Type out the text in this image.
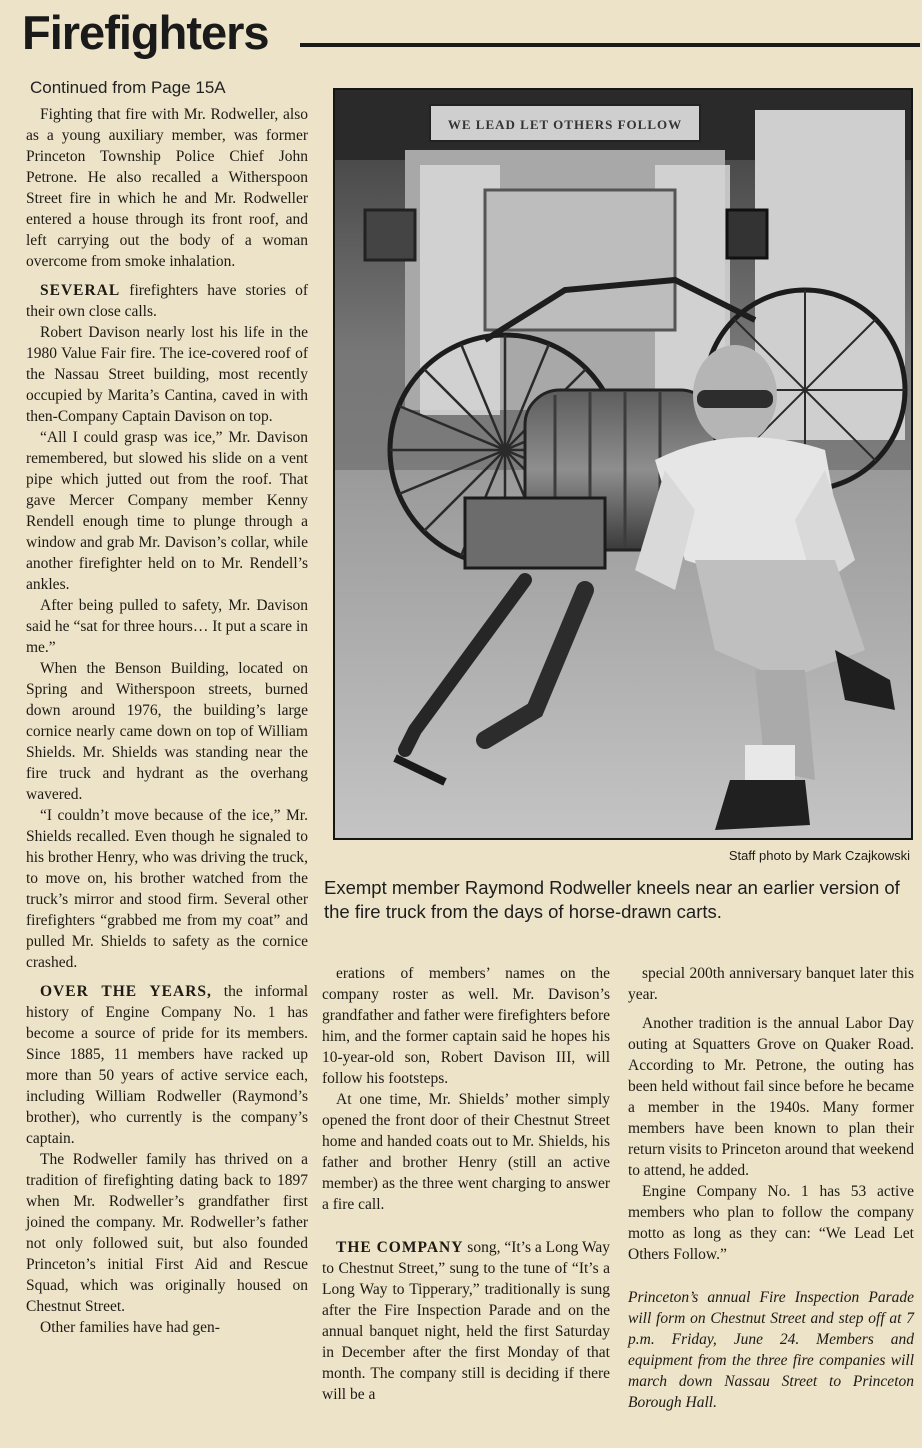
Firefighters
Continued from Page 15A

Fighting that fire with Mr. Rodweller, also as a young auxiliary member, was former Princeton Township Police Chief John Petrone. He also recalled a Witherspoon Street fire in which he and Mr. Rodweller entered a house through its front roof, and left carrying out the body of a woman overcome from smoke inhalation.

SEVERAL firefighters have stories of their own close calls.

Robert Davison nearly lost his life in the 1980 Value Fair fire. The ice-covered roof of the Nassau Street building, most recently occupied by Marita’s Cantina, caved in with then-Company Captain Davison on top.

“All I could grasp was ice,” Mr. Davison remembered, but slowed his slide on a vent pipe which jutted out from the roof. That gave Mercer Company member Kenny Rendell enough time to plunge through a window and grab Mr. Davison’s collar, while another firefighter held on to Mr. Rendell’s ankles.

After being pulled to safety, Mr. Davison said he “sat for three hours… It put a scare in me.”

When the Benson Building, located on Spring and Witherspoon streets, burned down around 1976, the building’s large cornice nearly came down on top of William Shields. Mr. Shields was standing near the fire truck and hydrant as the overhang wavered.

“I couldn’t move because of the ice,” Mr. Shields recalled. Even though he signaled to his brother Henry, who was driving the truck, to move on, his brother watched from the truck’s mirror and stood firm. Several other firefighters “grabbed me from my coat” and pulled Mr. Shields to safety as the cornice crashed.

OVER THE YEARS, the informal history of Engine Company No. 1 has become a source of pride for its members. Since 1885, 11 members have racked up more than 50 years of active service each, including William Rodweller (Raymond’s brother), who currently is the company’s captain.

The Rodweller family has thrived on a tradition of firefighting dating back to 1897 when Mr. Rodweller’s grandfather first joined the company. Mr. Rodweller’s father not only followed suit, but also founded Princeton’s initial First Aid and Rescue Squad, which was originally housed on Chestnut Street.

Other families have had gen-

WE LEAD LET OTHERS FOLLOW
Staff photo by Mark Czajkowski
Exempt member Raymond Rodweller kneels near an earlier version of the fire truck from the days of horse-drawn carts.

erations of members’ names on the company roster as well. Mr. Davison’s grandfather and father were firefighters before him, and the former captain said he hopes his 10-year-old son, Robert Davison III, will follow his footsteps.

At one time, Mr. Shields’ mother simply opened the front door of their Chestnut Street home and handed coats out to Mr. Shields, his father and brother Henry (still an active member) as the three went charging to answer a fire call.

THE COMPANY song, “It’s a Long Way to Chestnut Street,” sung to the tune of “It’s a Long Way to Tipperary,” traditionally is sung after the Fire Inspection Parade and on the annual banquet night, held the first Saturday in December after the first Monday of that month. The company still is deciding if there will be a

special 200th anniversary banquet later this year.

Another tradition is the annual Labor Day outing at Squatters Grove on Quaker Road. According to Mr. Petrone, the outing has been held without fail since before he became a member in the 1940s. Many former members have been known to plan their return visits to Princeton around that weekend to attend, he added.

Engine Company No. 1 has 53 active members who plan to follow the company motto as long as they can: “We Lead Let Others Follow.”

Princeton’s annual Fire Inspection Parade will form on Chestnut Street and step off at 7 p.m. Friday, June 24. Members and equipment from the three fire companies will march down Nassau Street to Princeton Borough Hall.
